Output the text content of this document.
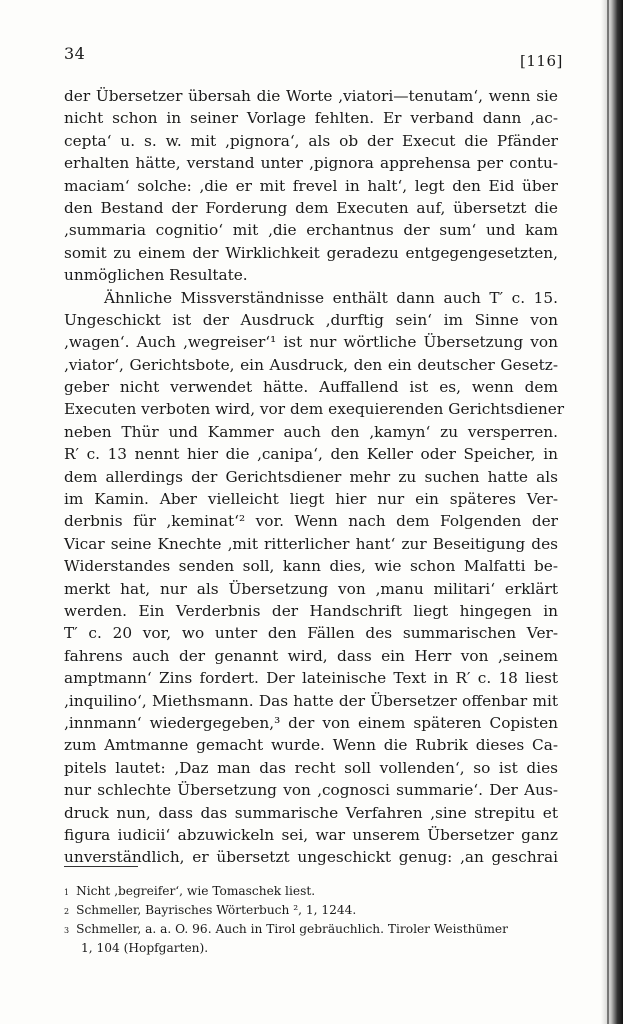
34	[116]
der Übersetzer übersah die Worte ‚viatori—tenutam‘, wenn sie
nicht schon in seiner Vorlage fehlten. Er verband dann ‚ac-
cepta‘ u. s. w. mit ‚pignora‘, als ob der Execut die Pfänder
erhalten hätte, verstand unter ‚pignora apprehensa per contu-
maciam‘ solche: ‚die er mit frevel in halt‘, legt den Eid über
den Bestand der Forderung dem Executen auf, übersetzt die
‚summaria cognitio‘ mit ‚die erchantnus der sum‘ und kam
somit zu einem der Wirklichkeit geradezu entgegengesetzten,
unmöglichen Resultate.
Ähnliche Missverständnisse enthält dann auch T′ c. 15.
Ungeschickt ist der Ausdruck ‚durftig sein‘ im Sinne von
‚wagen‘. Auch ‚wegreiser‘¹ ist nur wörtliche Übersetzung von
‚viator‘, Gerichtsbote, ein Ausdruck, den ein deutscher Gesetz-
geber nicht verwendet hätte. Auffallend ist es, wenn dem
Executen verboten wird, vor dem exequierenden Gerichtsdiener
neben Thür und Kammer auch den ‚kamyn‘ zu versperren.
R′ c. 13 nennt hier die ‚canipa‘, den Keller oder Speicher, in
dem allerdings der Gerichtsdiener mehr zu suchen hatte als
im Kamin. Aber vielleicht liegt hier nur ein späteres Ver-
derbnis für ‚keminat‘² vor. Wenn nach dem Folgenden der
Vicar seine Knechte ‚mit ritterlicher hant‘ zur Beseitigung des
Widerstandes senden soll, kann dies, wie schon Malfatti be-
merkt hat, nur als Übersetzung von ‚manu militari‘ erklärt
werden. Ein Verderbnis der Handschrift liegt hingegen in
T′ c. 20 vor, wo unter den Fällen des summarischen Ver-
fahrens auch der genannt wird, dass ein Herr von ‚seinem
amptmann‘ Zins fordert. Der lateinische Text in R′ c. 18 liest
‚inquilino‘, Miethsmann. Das hatte der Übersetzer offenbar mit
‚innmann‘ wiedergegeben,³ der von einem späteren Copisten
zum Amtmanne gemacht wurde. Wenn die Rubrik dieses Ca-
pitels lautet: ‚Daz man das recht soll vollenden‘, so ist dies
nur schlechte Übersetzung von ‚cognosci summarie‘. Der Aus-
druck nun, dass das summarische Verfahren ‚sine strepitu et
figura iudicii‘ abzuwickeln sei, war unserem Übersetzer ganz
unverständlich, er übersetzt ungeschickt genug: ‚an geschrai
$^1$ Nicht ‚begreifer‘, wie Tomaschek liest.
$^2$ Schmeller, Bayrisches Wörterbuch ², 1, 1244.
$^3$ Schmeller, a. a. O. 96. Auch in Tirol gebräuchlich. Tiroler Weisthümer
1, 104 (Hopfgarten).
